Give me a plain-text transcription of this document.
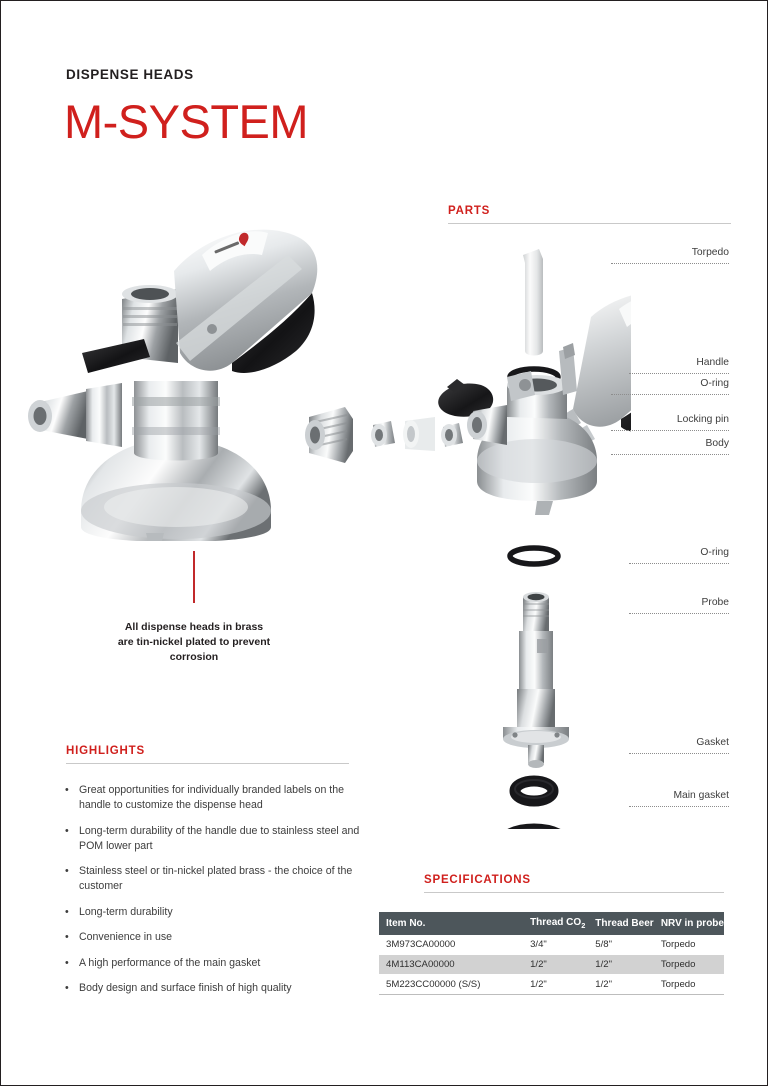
DISPENSE HEADS
M-SYSTEM
All dispense heads in brass
are tin-nickel plated to prevent
corrosion
PARTS
Torpedo
Handle
O-ring
Locking pin
Body
O-ring
Probe
Gasket
Main gasket
HIGHLIGHTS
• Great opportunities for individually branded labels on the handle to customize the dispense head
• Long-term durability of the handle due to stainless steel and POM lower part
• Stainless steel or tin-nickel plated brass - the choice of the customer
• Long-term durability
• Convenience in use
• A high performance of the main gasket
• Body design and surface finish of high quality
SPECIFICATIONS
Item No.	Thread $CO_2$	Thread Beer	NRV in probe
3M973CA00000	3/4"	5/8"	Torpedo
4M113CA00000	1/2"	1/2"	Torpedo
5M223CC00000 (S/S)	1/2"	1/2"	Torpedo
